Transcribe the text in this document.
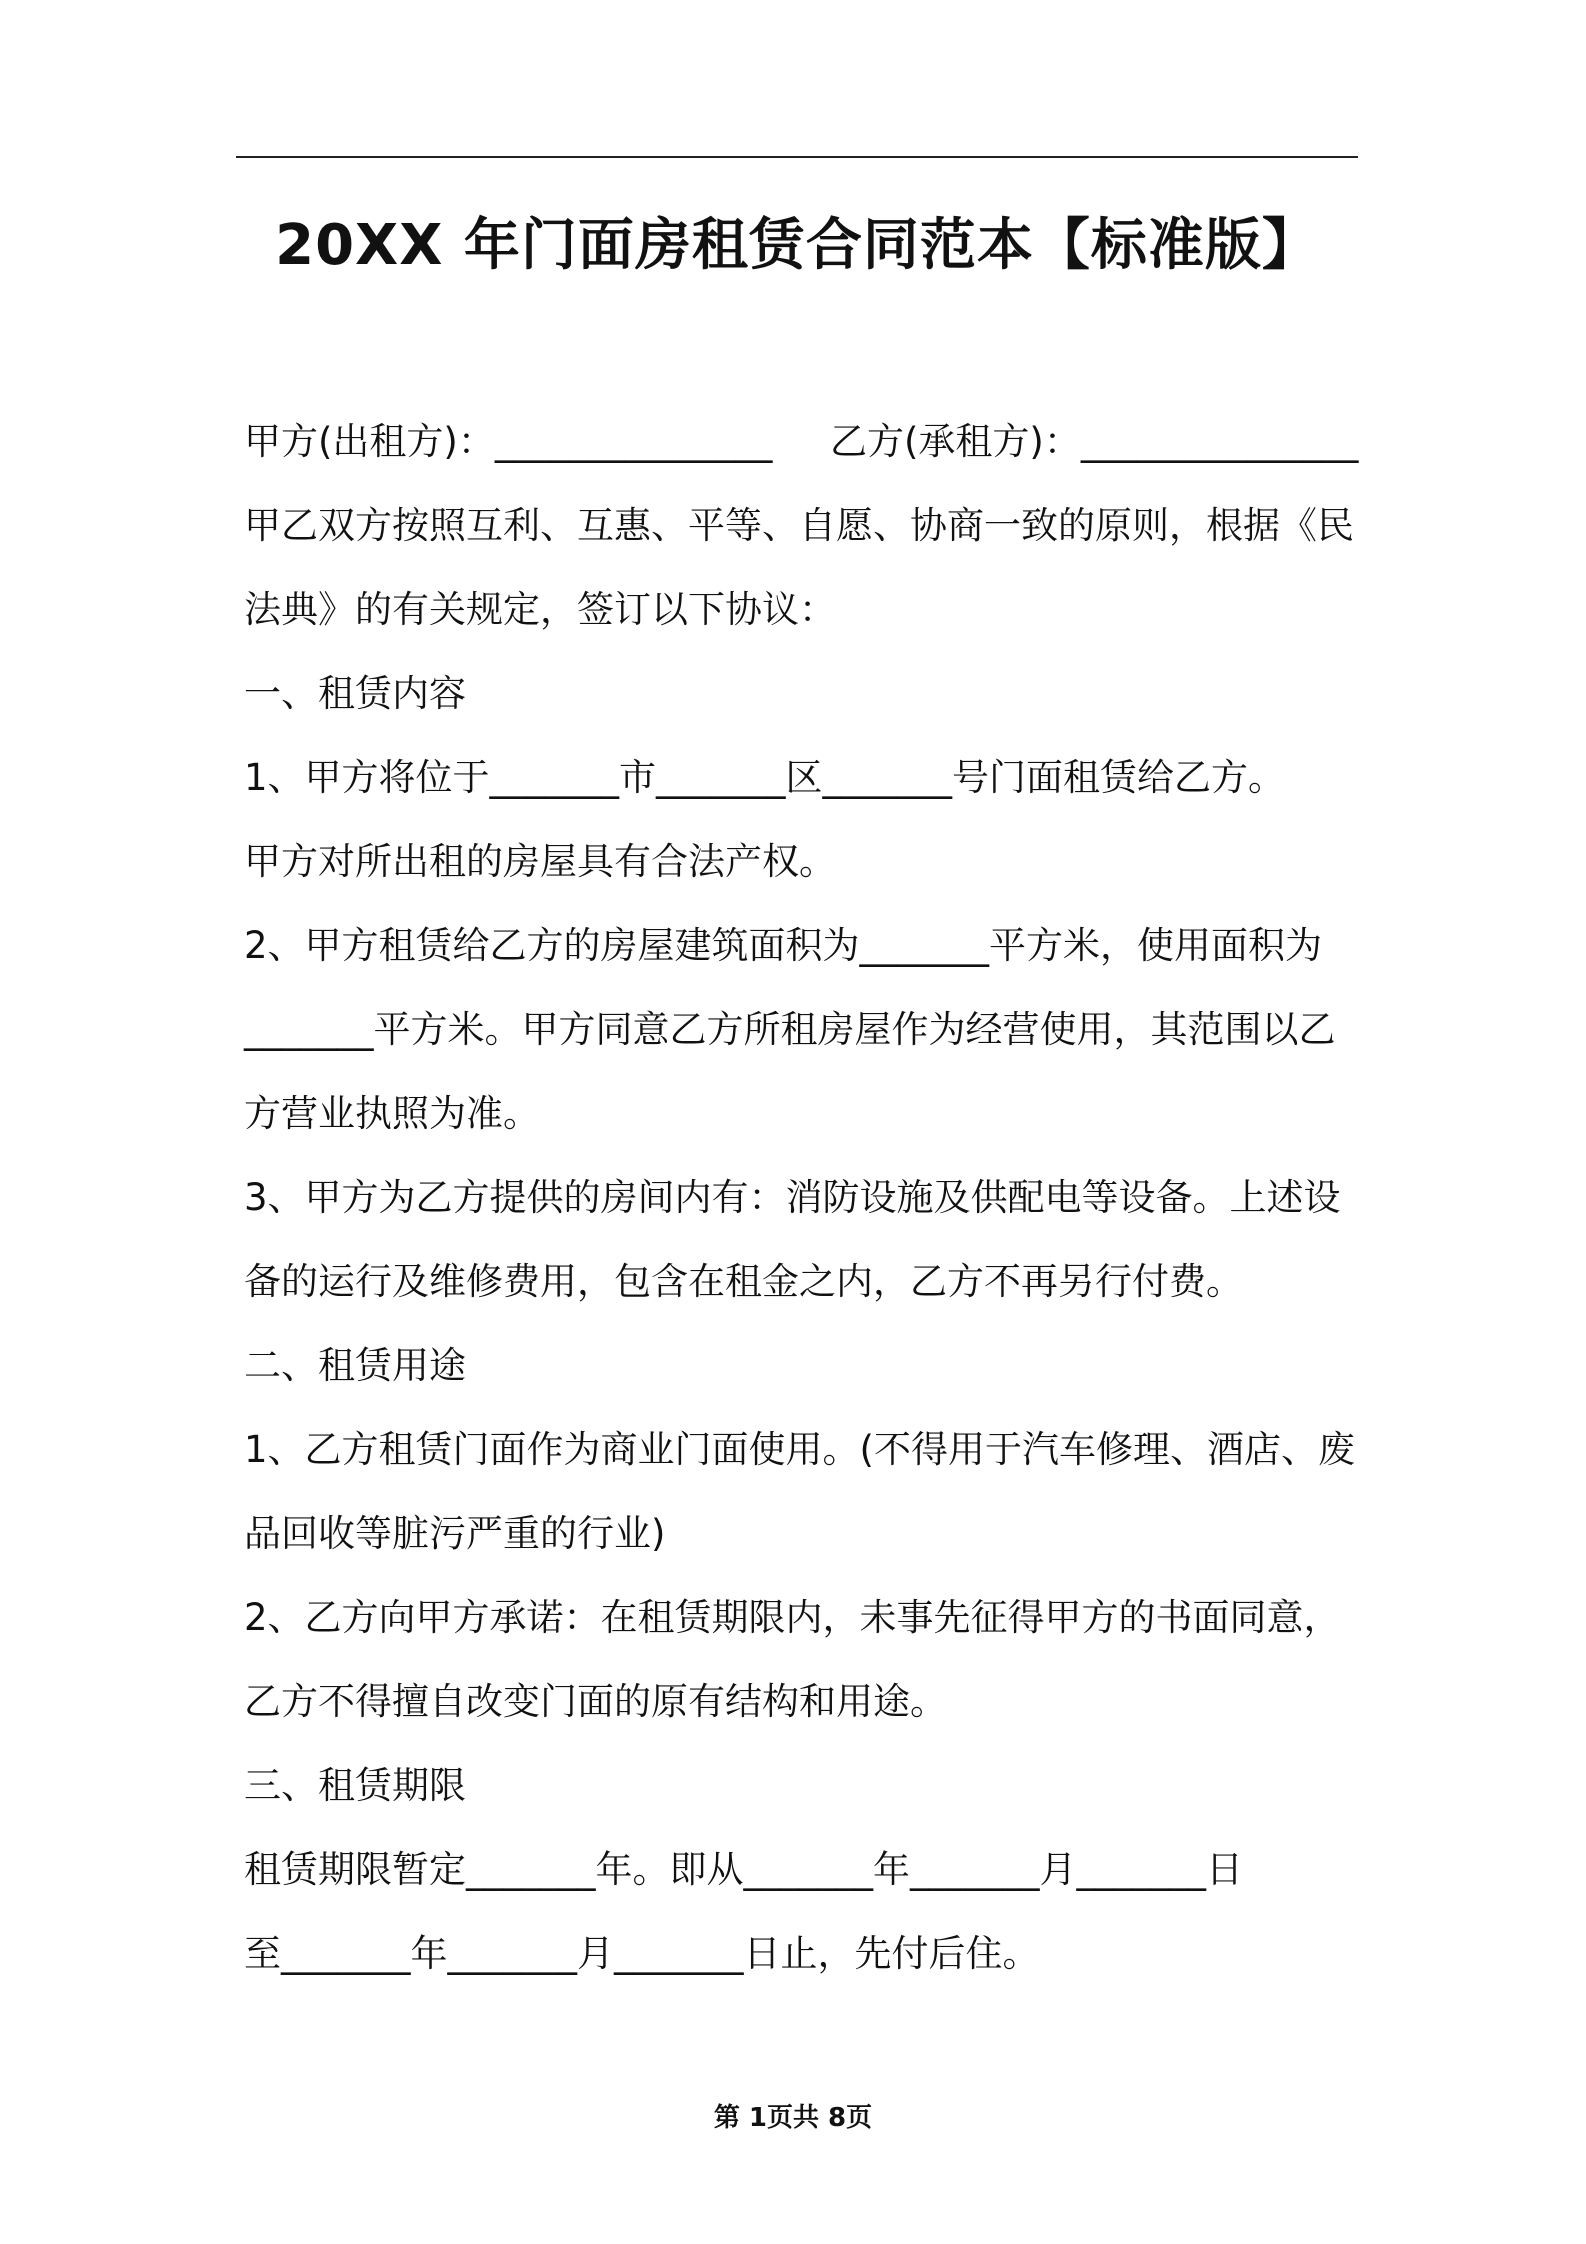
20XX 年门面房租赁合同范本【标准版】
甲方(出租方)：_______________ 乙方(承租方)：_______________
甲乙双方按照互利、互惠、平等、自愿、协商一致的原则，根据《民
法典》的有关规定，签订以下协议：
一、租赁内容
1、甲方将位于_______市_______区_______号门面租赁给乙方。
甲方对所出租的房屋具有合法产权。
2、甲方租赁给乙方的房屋建筑面积为_______平方米，使用面积为
_______平方米。甲方同意乙方所租房屋作为经营使用，其范围以乙
方营业执照为准。
3、甲方为乙方提供的房间内有：消防设施及供配电等设备。上述设
备的运行及维修费用，包含在租金之内，乙方不再另行付费。
二、租赁用途
1、乙方租赁门面作为商业门面使用。(不得用于汽车修理、酒店、废
品回收等脏污严重的行业)
2、乙方向甲方承诺：在租赁期限内，未事先征得甲方的书面同意，
乙方不得擅自改变门面的原有结构和用途。
三、租赁期限
租赁期限暂定_______年。即从_______年_______月_______日
至_______年_______月_______日止，先付后住。
第 1页共 8页
